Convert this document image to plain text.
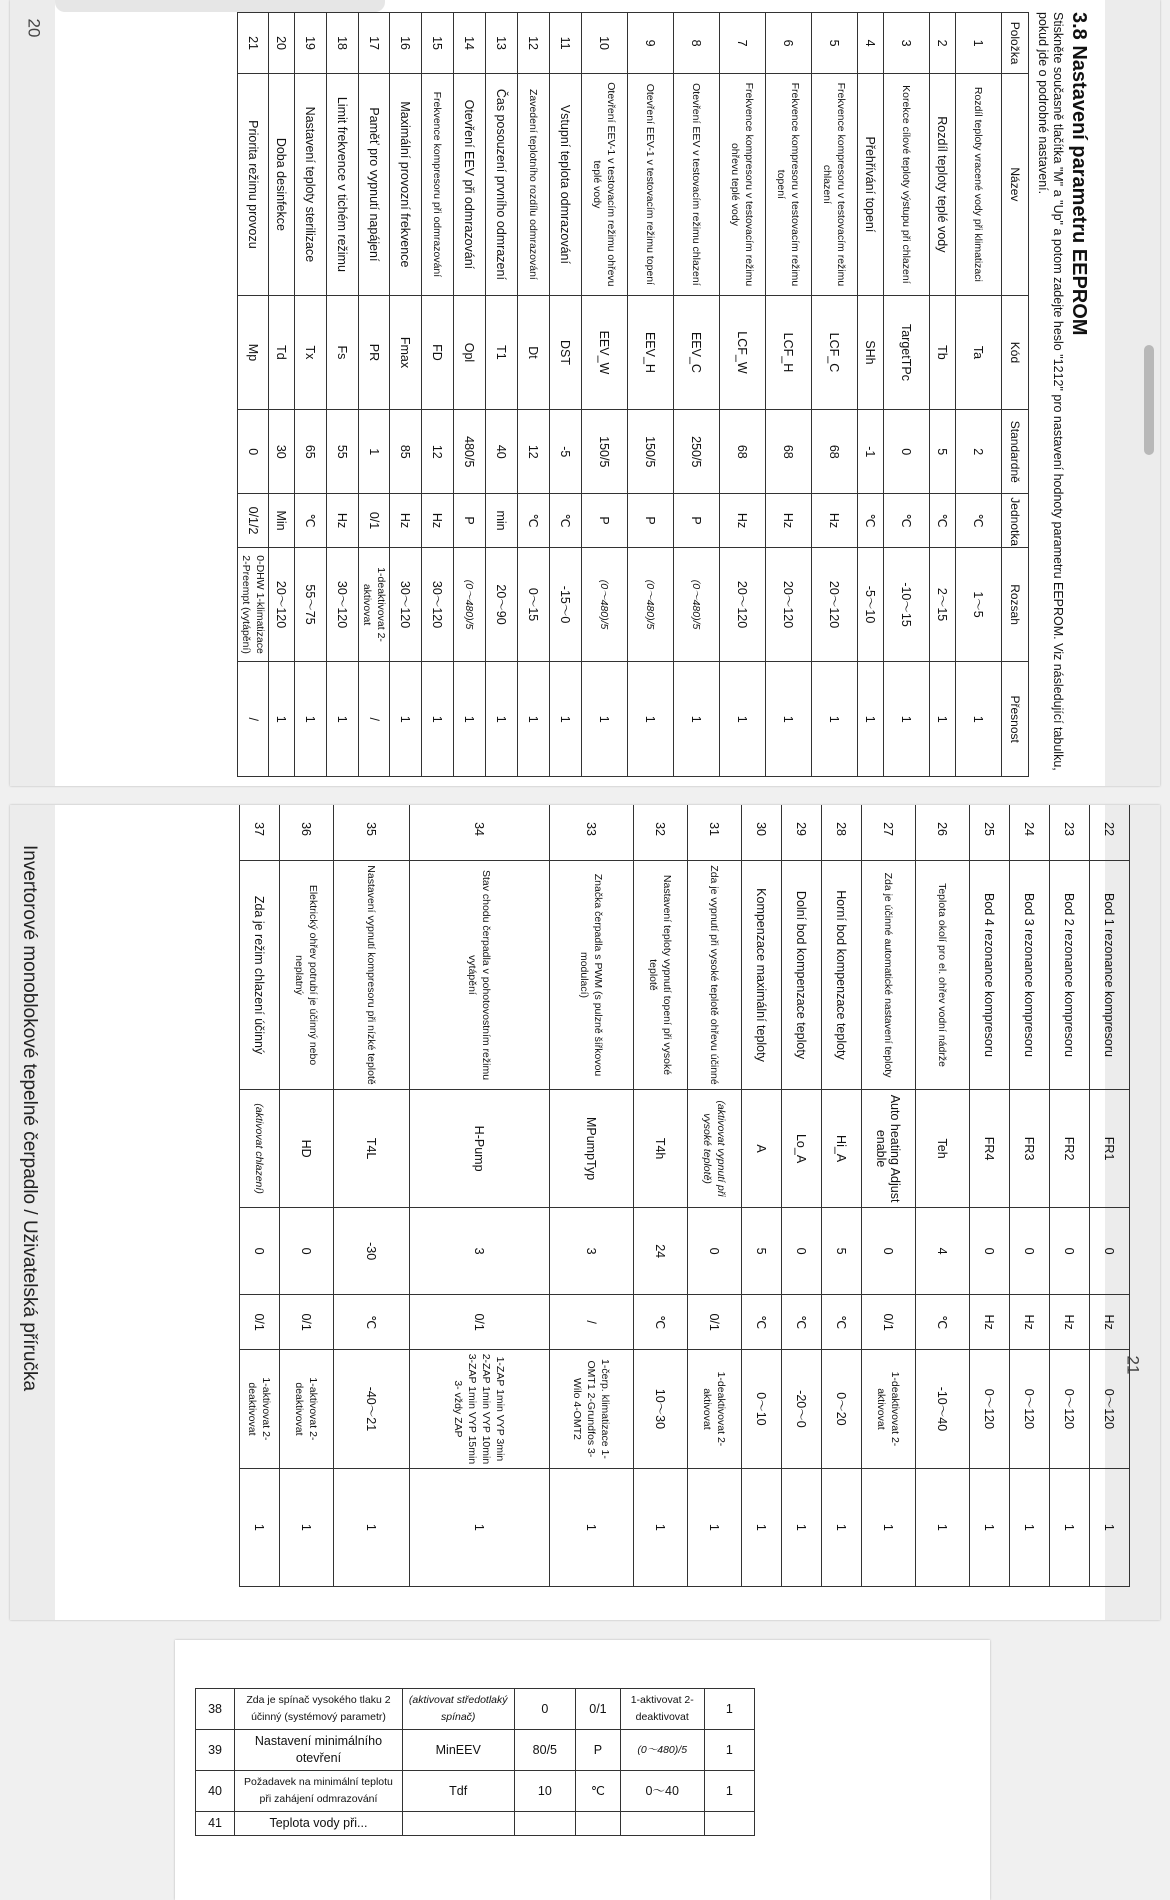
20	3.8 Nastavení parametru EEPROM
Stiskněte současně tlačítka "M" a "Up" a potom zadejte heslo "1212" pro nastavení hodnoty parametru EEPROM. Viz následující tabulku, pokud jde o podrobné nastavení.
Položka	Název	Kód	Standardně	Jednotka	Rozsah	Přesnost
1	Rozdíl teploty vracené vody při klimatizaci	Ta	2	℃	1～5	1
2	Rozdíl teploty teplé vody	Tb	5	℃	2～15	1
3	Korekce cílové teploty výstupu při chlazení	TargetTPc	0	℃	-10～15	1
4	Přehřívání topení	SHh	-1	℃	-5～10	1
5	Frekvence kompresoru v testovacím režimu chlazení	LCF_C	68	Hz	20～120	1
6	Frekvence kompresoru v testovacím režimu topení	LCF_H	68	Hz	20～120	1
7	Frekvence kompresoru v testovacím režimu ohřevu teplé vody	LCF_W	68	Hz	20～120	1
8	Otevření EEV v testovacím režimu chlazení	EEV_C	250/5	P	(0～480)/5	1
9	Otevření EEV-1 v testovacím režimu topení	EEV_H	150/5	P	(0～480)/5	1
10	Otevření EEV-1 v testovacím režimu ohřevu teplé vody	EEV_W	150/5	P	(0～480)/5	1
11	Vstupní teplota odmrazování	DST	-5	℃	-15～0	1
12	Zavedení teplotního rozdílu odmrazování	Dt	12	℃	0～15	1
13	Čas posouzení prvního odmrazení	T1	40	min	20～90	1
14	Otevření EEV při odmrazování	Opl	480/5	P	(0～480)/5	1
15	Frekvence kompresoru při odmrazování	FD	12	Hz	30～120	1
16	Maximální provozní frekvence	Fmax	85	Hz	30～120	1
17	Paměť pro vypnutí napájení	PR	1	0/1	1-deaktivovat 2-aktivovat	/
18	Limit frekvence v tichém režimu	Fs	55	Hz	30～120	1
19	Nastavení teploty sterilizace	Tx	65	℃	55～75	1
20	Doba desinfekce	Td	30	Min	20～120	1
21	Priorita režimu provozu	Mp	0	0/1/2	0-DHW 1-klimatizace 2-Preempt (vytápění)	/
Invertorové monoblokové tepelné čerpadlo / Uživatelská příručka	21
22	Bod 1 rezonance kompresoru	FR1	0	Hz	0～120	1
23	Bod 2 rezonance kompresoru	FR2	0	Hz	0～120	1
24	Bod 3 rezonance kompresoru	FR3	0	Hz	0～120	1
25	Bod 4 rezonance kompresoru	FR4	0	Hz	0～120	1
26	Teplota okolí pro el. ohřev vodní nádrže	Teh	4	℃	-10～40	1
27	Zda je účinné automatické nastavení teploty	Auto heating Adjust enable	0	0/1	1-deaktivovat 2-aktivovat	1
28	Horní bod kompenzace teploty	Hi_A	5	℃	0～20	1
29	Dolní bod kompenzace teploty	Lo_A	0	℃	-20～0	1
30	Kompenzace maximální teploty	A	5	℃	0～10	1
31	Zda je vypnutí při vysoké teplotě ohřevu účinné	(aktivovat vypnutí při vysoké teplotě)	0	0/1	1-deaktivovat 2-aktivovat	1
32	Nastavení teploty vypnutí topení při vysoké teplotě	T4h	24	℃	10～30	1
33	Značka čerpadla s PWM (s pulzně šířkovou modulací)	MPumpTyp	3	/	1-čerp. klimatizace 1-OMT1 2-Grundfos 3-Wilo 4-OMT2	1
34	Stav chodu čerpadla v pohotovostním režimu vytápění	H-Pump	3	0/1	1-ZAP 1min VYP 3min 2-ZAP 1min VYP 10min 3-ZAP 1min VYP 15min 3- vždy ZAP	1
35	Nastavení vypnutí kompresoru při nízké teplotě	T4L	-30	℃	-40～21	1
36	Elektrický ohřev potrubí je účinný nebo neplatný	HD	0	0/1	1-aktivovat 2-deaktivovat	1
37	Zda je režim chlazení účinný	(aktivovat chlazení)	0	0/1	1-aktivovat 2-deaktivovat	1
38	Zda je spínač vysokého tlaku 2 účinný (systémový parametr)	(aktivovat středotlaký spínač)	0	0/1	1-aktivovat 2-deaktivovat	1
39	Nastavení minimálního otevření	MinEEV	80/5	P	(0～480)/5	1
40	Požadavek na minimální teplotu při zahájení odmrazování	Tdf	10	℃	0～40	1
41	Teplota vody při...					
